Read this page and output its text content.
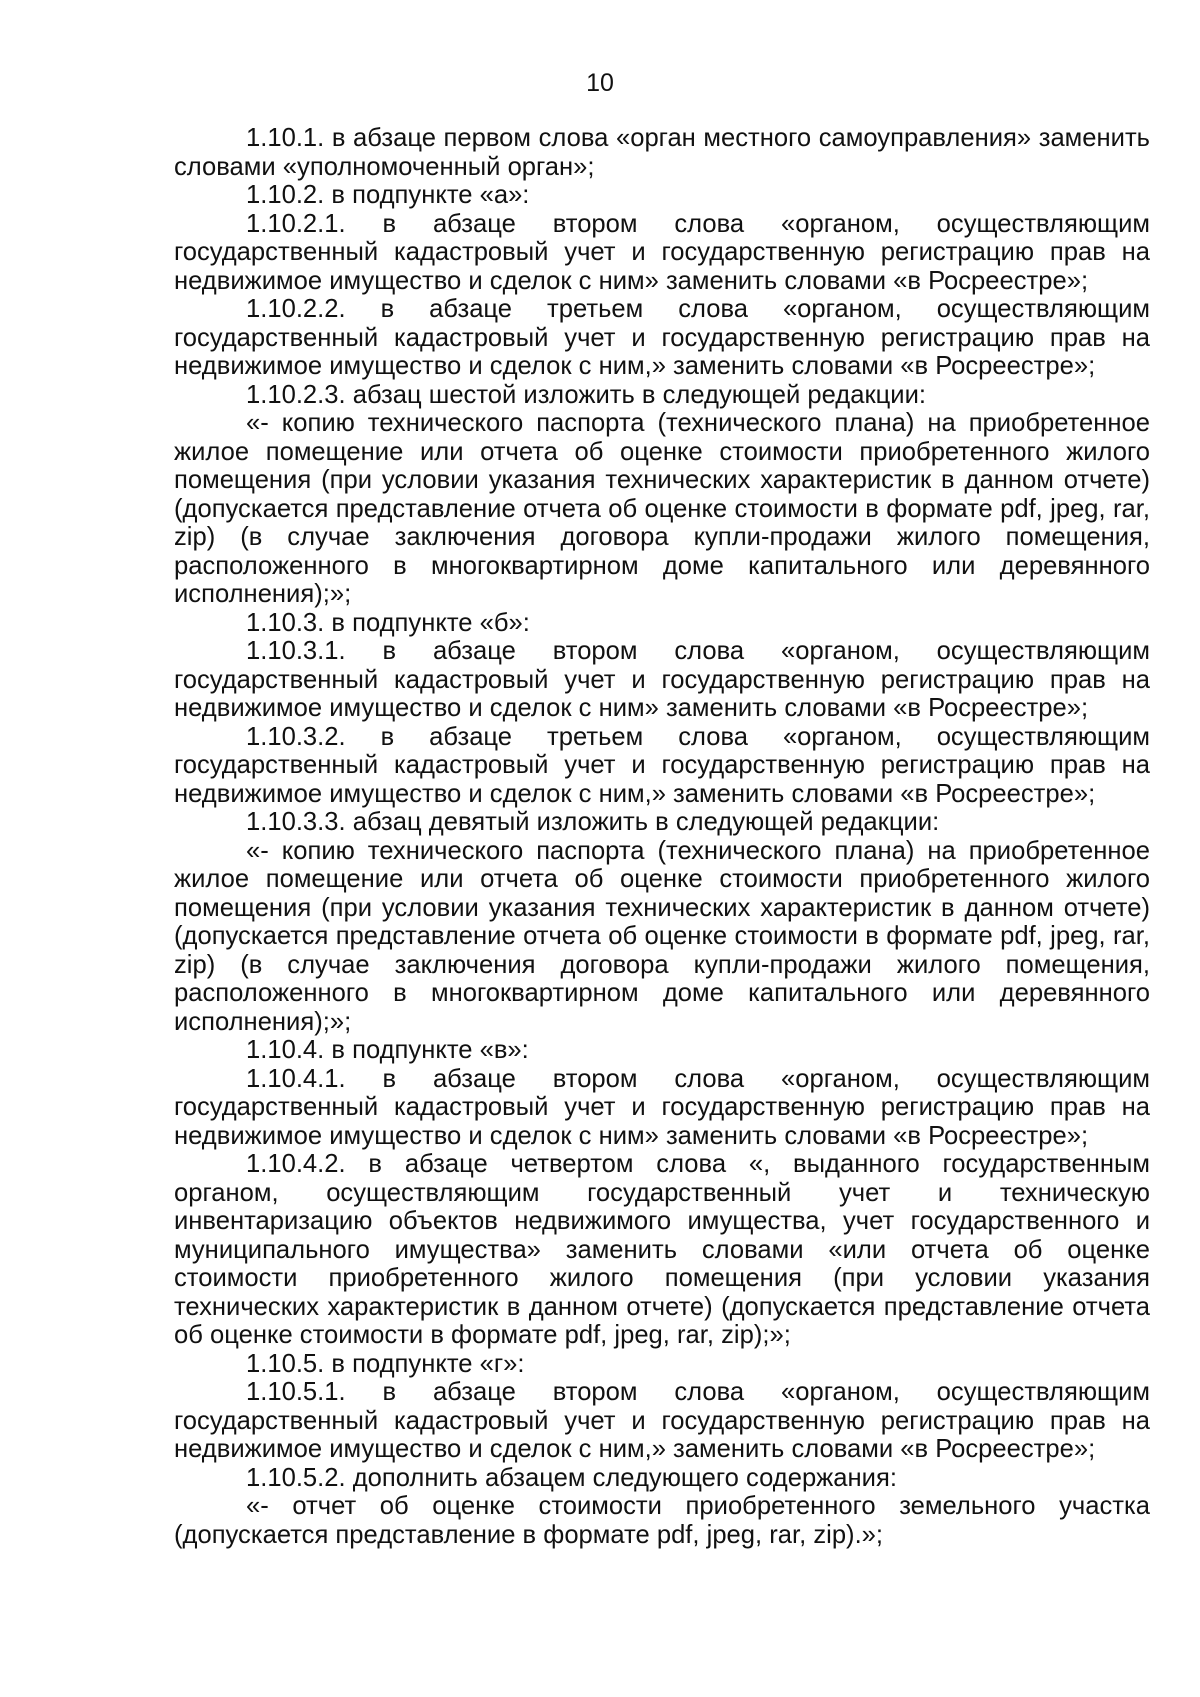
10

1.10.1. в абзаце первом слова «орган местного самоуправления» заменить словами «уполномоченный орган»;

1.10.2. в подпункте «а»:

1.10.2.1. в абзаце втором слова «органом, осуществляющим государственный кадастровый учет и государственную регистрацию прав на недвижимое имущество и сделок с ним» заменить словами «в Росреестре»;

1.10.2.2. в абзаце третьем слова «органом, осуществляющим государственный кадастровый учет и государственную регистрацию прав на недвижимое имущество и сделок с ним,» заменить словами «в Росреестре»;

1.10.2.3. абзац шестой изложить в следующей редакции:

«- копию технического паспорта (технического плана) на приобретенное жилое помещение или отчета об оценке стоимости приобретенного жилого помещения (при условии указания технических характеристик в данном отчете) (допускается представление отчета об оценке стоимости в формате pdf, jpeg, rar, zip) (в случае заключения договора купли-продажи жилого помещения, расположенного в многоквартирном доме капитального или деревянного исполнения);»;

1.10.3. в подпункте «б»:

1.10.3.1. в абзаце втором слова «органом, осуществляющим государственный кадастровый учет и государственную регистрацию прав на недвижимое имущество и сделок с ним» заменить словами «в Росреестре»;

1.10.3.2. в абзаце третьем слова «органом, осуществляющим государственный кадастровый учет и государственную регистрацию прав на недвижимое имущество и сделок с ним,» заменить словами «в Росреестре»;

1.10.3.3. абзац девятый изложить в следующей редакции:

«- копию технического паспорта (технического плана) на приобретенное жилое помещение или отчета об оценке стоимости приобретенного жилого помещения (при условии указания технических характеристик в данном отчете) (допускается представление отчета об оценке стоимости в формате pdf, jpeg, rar, zip) (в случае заключения договора купли-продажи жилого помещения, расположенного в многоквартирном доме капитального или деревянного исполнения);»;

1.10.4. в подпункте «в»:

1.10.4.1. в абзаце втором слова «органом, осуществляющим государственный кадастровый учет и государственную регистрацию прав на недвижимое имущество и сделок с ним» заменить словами «в Росреестре»;

1.10.4.2. в абзаце четвертом слова «, выданного государственным органом, осуществляющим государственный учет и техническую инвентаризацию объектов недвижимого имущества, учет государственного и муниципального имущества» заменить словами «или отчета об оценке стоимости приобретенного жилого помещения (при условии указания технических характеристик в данном отчете) (допускается представление отчета об оценке стоимости в формате pdf, jpeg, rar, zip);»;

1.10.5. в подпункте «г»:

1.10.5.1. в абзаце втором слова «органом, осуществляющим государственный кадастровый учет и государственную регистрацию прав на недвижимое имущество и сделок с ним,» заменить словами «в Росреестре»;

1.10.5.2. дополнить абзацем следующего содержания:

«- отчет об оценке стоимости приобретенного земельного участка (допускается представление в формате pdf, jpeg, rar, zip).»;
